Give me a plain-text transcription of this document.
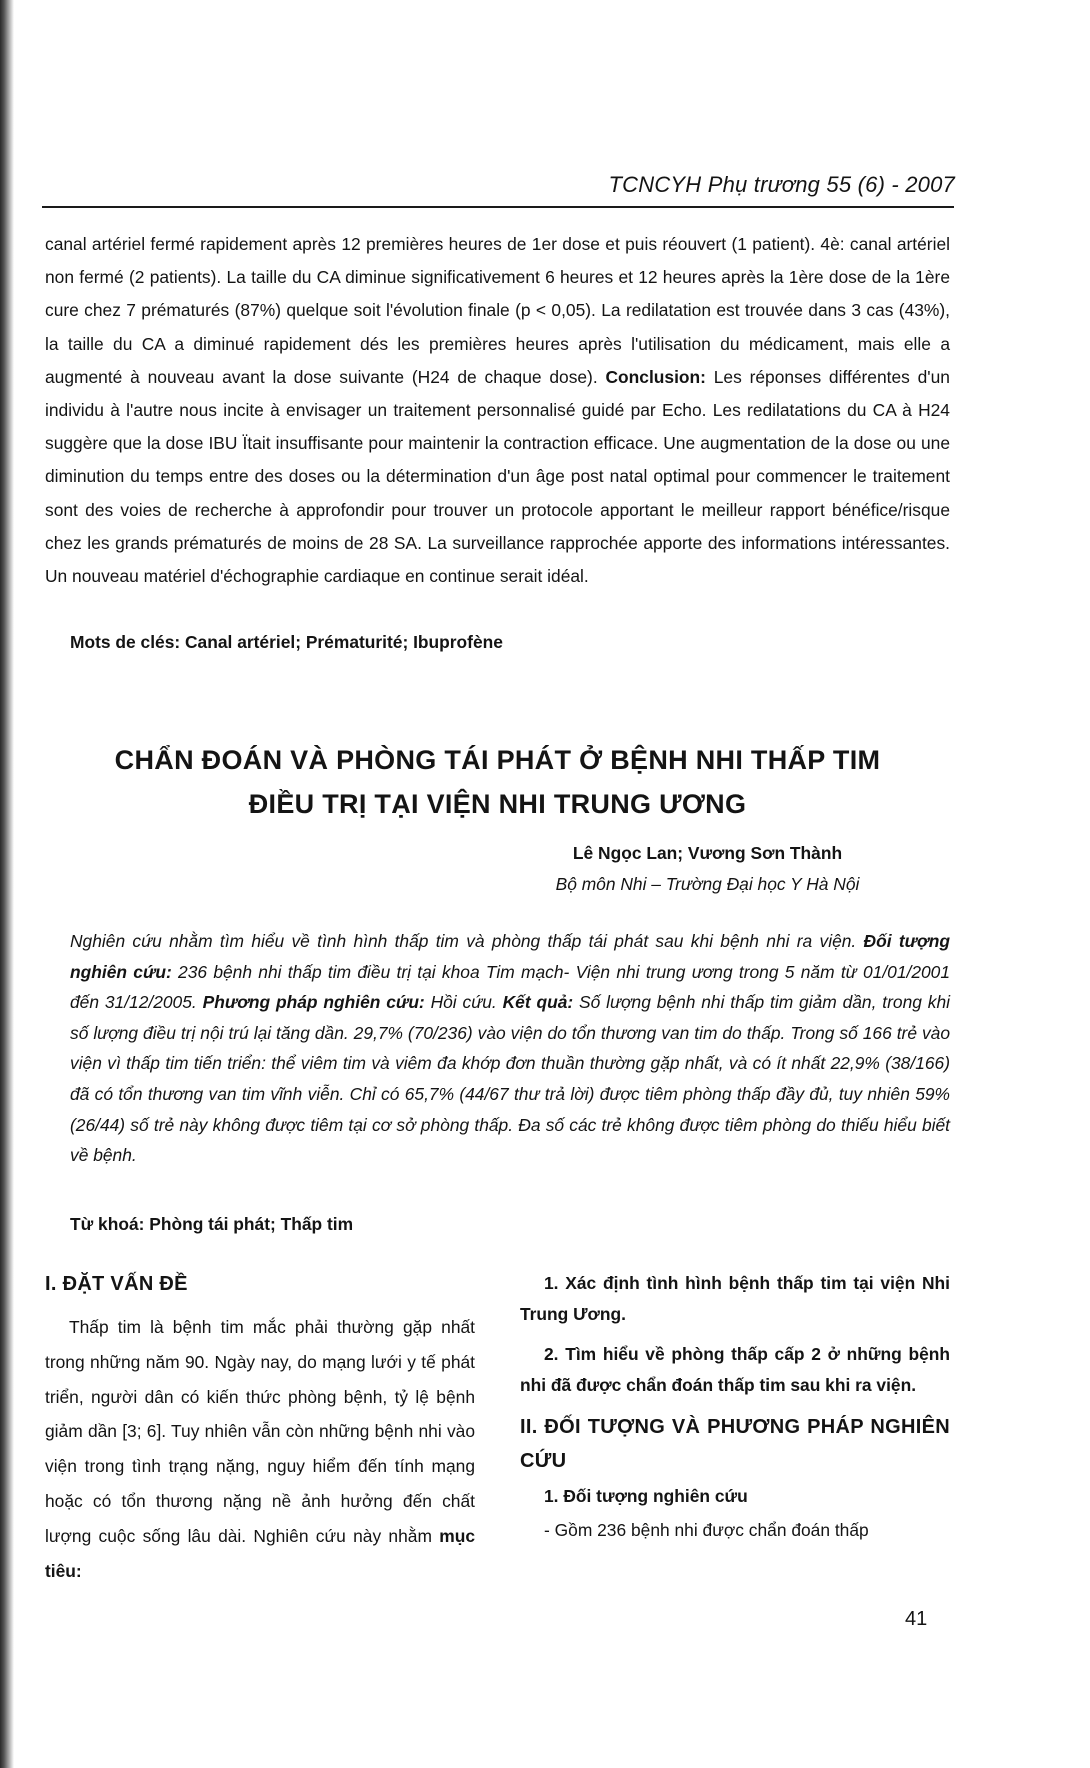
TCNCYH Phụ trương 55 (6) - 2007
canal artériel fermé rapidement après 12 premières heures de 1er dose et puis réouvert (1 patient). 4è: canal artériel non fermé (2 patients). La taille du CA diminue significativement 6 heures et 12 heures après la 1ère dose de la 1ère cure chez 7 prématurés (87%) quelque soit l'évolution finale (p < 0,05). La redilatation est trouvée dans 3 cas (43%), la taille du CA a diminué rapidement dés les premières heures après l'utilisation du médicament, mais elle a augmenté à nouveau avant la dose suivante (H24 de chaque dose). Conclusion: Les réponses différentes d'un individu à l'autre nous incite à envisager un traitement personnalisé guidé par Echo. Les redilatations du CA à H24 suggère que la dose IBU Ïtait insuffisante pour maintenir la contraction efficace. Une augmentation de la dose ou une diminution du temps entre des doses ou la détermination d'un âge post natal optimal pour commencer le traitement sont des voies de recherche à approfondir pour trouver un protocole apportant le meilleur rapport bénéfice/risque chez les grands prématurés de moins de 28 SA. La surveillance rapprochée apporte des informations intéressantes. Un nouveau matériel d'échographie cardiaque en continue serait idéal.
Mots de clés: Canal artériel; Prématurité; Ibuprofène
CHẨN ĐOÁN VÀ PHÒNG TÁI PHÁT Ở BỆNH NHI THẤP TIM
ĐIỀU TRỊ TẠI VIỆN NHI TRUNG ƯƠNG
Lê Ngọc Lan; Vương Sơn Thành
Bộ môn Nhi – Trường Đại học Y Hà Nội
Nghiên cứu nhằm tìm hiểu về tình hình thấp tim và phòng thấp tái phát sau khi bệnh nhi ra viện. Đối tượng nghiên cứu: 236 bệnh nhi thấp tim điều trị tại khoa Tim mạch- Viện nhi trung ương trong 5 năm từ 01/01/2001 đến 31/12/2005. Phương pháp nghiên cứu: Hồi cứu. Kết quả: Số lượng bệnh nhi thấp tim giảm dần, trong khi số lượng điều trị nội trú lại tăng dần. 29,7% (70/236) vào viện do tổn thương van tim do thấp. Trong số 166 trẻ vào viện vì thấp tim tiến triển: thể viêm tim và viêm đa khớp đơn thuần thường gặp nhất, và có ít nhất 22,9% (38/166) đã có tổn thương van tim vĩnh viễn. Chỉ có 65,7% (44/67 thư trả lời) được tiêm phòng thấp đầy đủ, tuy nhiên 59% (26/44) số trẻ này không được tiêm tại cơ sở phòng thấp. Đa số các trẻ không được tiêm phòng do thiếu hiểu biết về bệnh.
Từ khoá: Phòng tái phát; Thấp tim
I. ĐẶT VẤN ĐỀ

Thấp tim là bệnh tim mắc phải thường gặp nhất trong những năm 90. Ngày nay, do mạng lưới y tế phát triển, người dân có kiến thức phòng bệnh, tỷ lệ bệnh giảm dần [3; 6]. Tuy nhiên vẫn còn những bệnh nhi vào viện trong tình trạng nặng, nguy hiểm đến tính mạng hoặc có tổn thương nặng nề ảnh hưởng đến chất lượng cuộc sống lâu dài. Nghiên cứu này nhằm mục tiêu:

1. Xác định tình hình bệnh thấp tim tại viện Nhi Trung Ương.

2. Tìm hiểu về phòng thấp cấp 2 ở những bệnh nhi đã được chẩn đoán thấp tim sau khi ra viện.

II. ĐỐI TƯỢNG VÀ PHƯƠNG PHÁP NGHIÊN CỨU
1. Đối tượng nghiên cứu

- Gồm 236 bệnh nhi được chẩn đoán thấp

41
